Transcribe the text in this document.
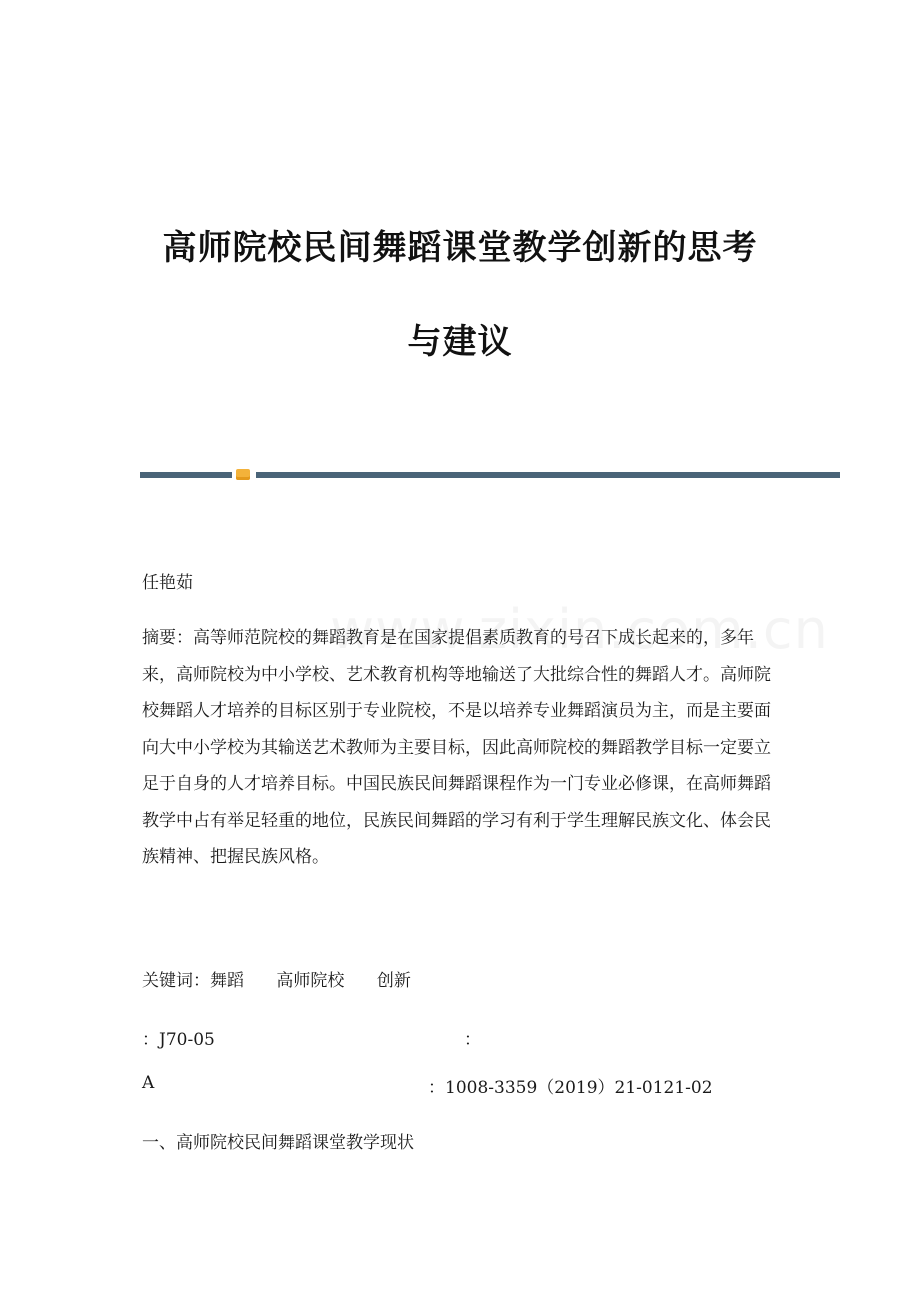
高师院校民间舞蹈课堂教学创新的思考
与建议
任艳茹

摘要：高等师范院校的舞蹈教育是在国家提倡素质教育的号召下成长起来的，多年来，高师院校为中小学校、艺术教育机构等地输送了大批综合性的舞蹈人才。高师院校舞蹈人才培养的目标区别于专业院校，不是以培养专业舞蹈演员为主，而是主要面向大中小学校为其输送艺术教师为主要目标，因此高师院校的舞蹈教学目标一定要立足于自身的人才培养目标。中国民族民间舞蹈课程作为一门专业必修课，在高师舞蹈教学中占有举足轻重的地位，民族民间舞蹈的学习有利于学生理解民族文化、体会民族精神、把握民族风格。

关键词：舞蹈      高师院校      创新
：J70-05	：
A	：1008-3359（2019）21-0121-02
一、高师院校民间舞蹈课堂教学现状
